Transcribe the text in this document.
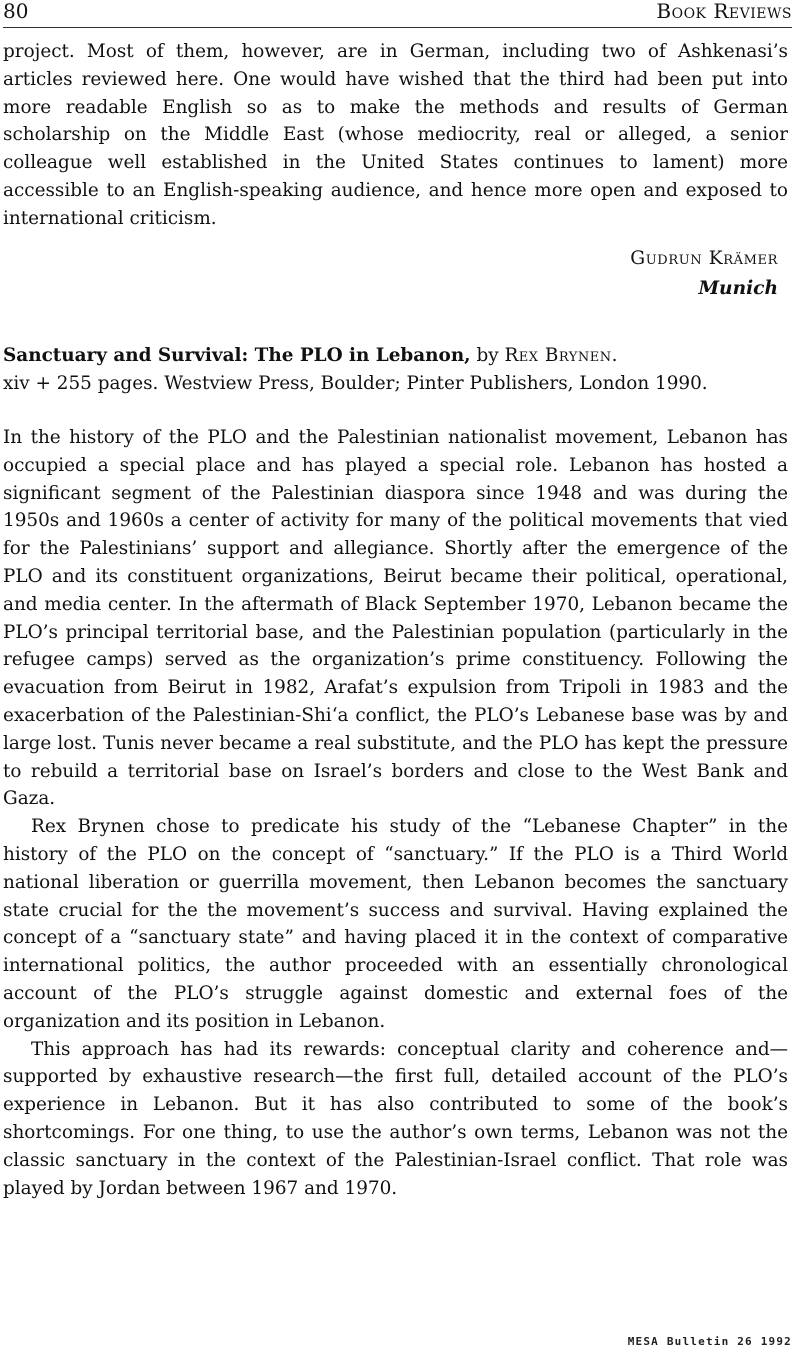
80	Book Reviews

project. Most of them, however, are in German, including two of Ashkenasi’s articles reviewed here. One would have wished that the third had been put into more readable English so as to make the methods and results of German scholarship on the Middle East (whose mediocrity, real or alleged, a senior colleague well established in the United States continues to lament) more accessible to an English-speaking audience, and hence more open and exposed to international criticism.

Gudrun Krämer
Munich

Sanctuary and Survival: The PLO in Lebanon, by Rex Brynen.
xiv + 255 pages. Westview Press, Boulder; Pinter Publishers, London 1990.

In the history of the PLO and the Palestinian nationalist movement, Lebanon has occupied a special place and has played a special role. Lebanon has hosted a significant segment of the Palestinian diaspora since 1948 and was during the 1950s and 1960s a center of activity for many of the political movements that vied for the Palestinians’ support and allegiance. Shortly after the emergence of the PLO and its constituent organizations, Beirut became their political, operational, and media center. In the aftermath of Black September 1970, Lebanon became the PLO’s principal territorial base, and the Palestinian population (particularly in the refugee camps) served as the organization’s prime constituency. Following the evacuation from Beirut in 1982, Arafat’s expulsion from Tripoli in 1983 and the exacerbation of the Palestinian-Shi‘a conflict, the PLO’s Lebanese base was by and large lost. Tunis never became a real substitute, and the PLO has kept the pressure to rebuild a territorial base on Israel’s borders and close to the West Bank and Gaza.

Rex Brynen chose to predicate his study of the “Lebanese Chapter” in the history of the PLO on the concept of “sanctuary.” If the PLO is a Third World national liberation or guerrilla movement, then Lebanon becomes the sanctuary state crucial for the the movement’s success and survival. Having explained the concept of a “sanctuary state” and having placed it in the context of comparative international politics, the author proceeded with an essentially chronological account of the PLO’s struggle against domestic and external foes of the organization and its position in Lebanon.

This approach has had its rewards: conceptual clarity and coherence and—supported by exhaustive research—the first full, detailed account of the PLO’s experience in Lebanon. But it has also contributed to some of the book’s shortcomings. For one thing, to use the author’s own terms, Lebanon was not the classic sanctuary in the context of the Palestinian-Israel conflict. That role was played by Jordan between 1967 and 1970.

MESA Bulletin 26 1992
